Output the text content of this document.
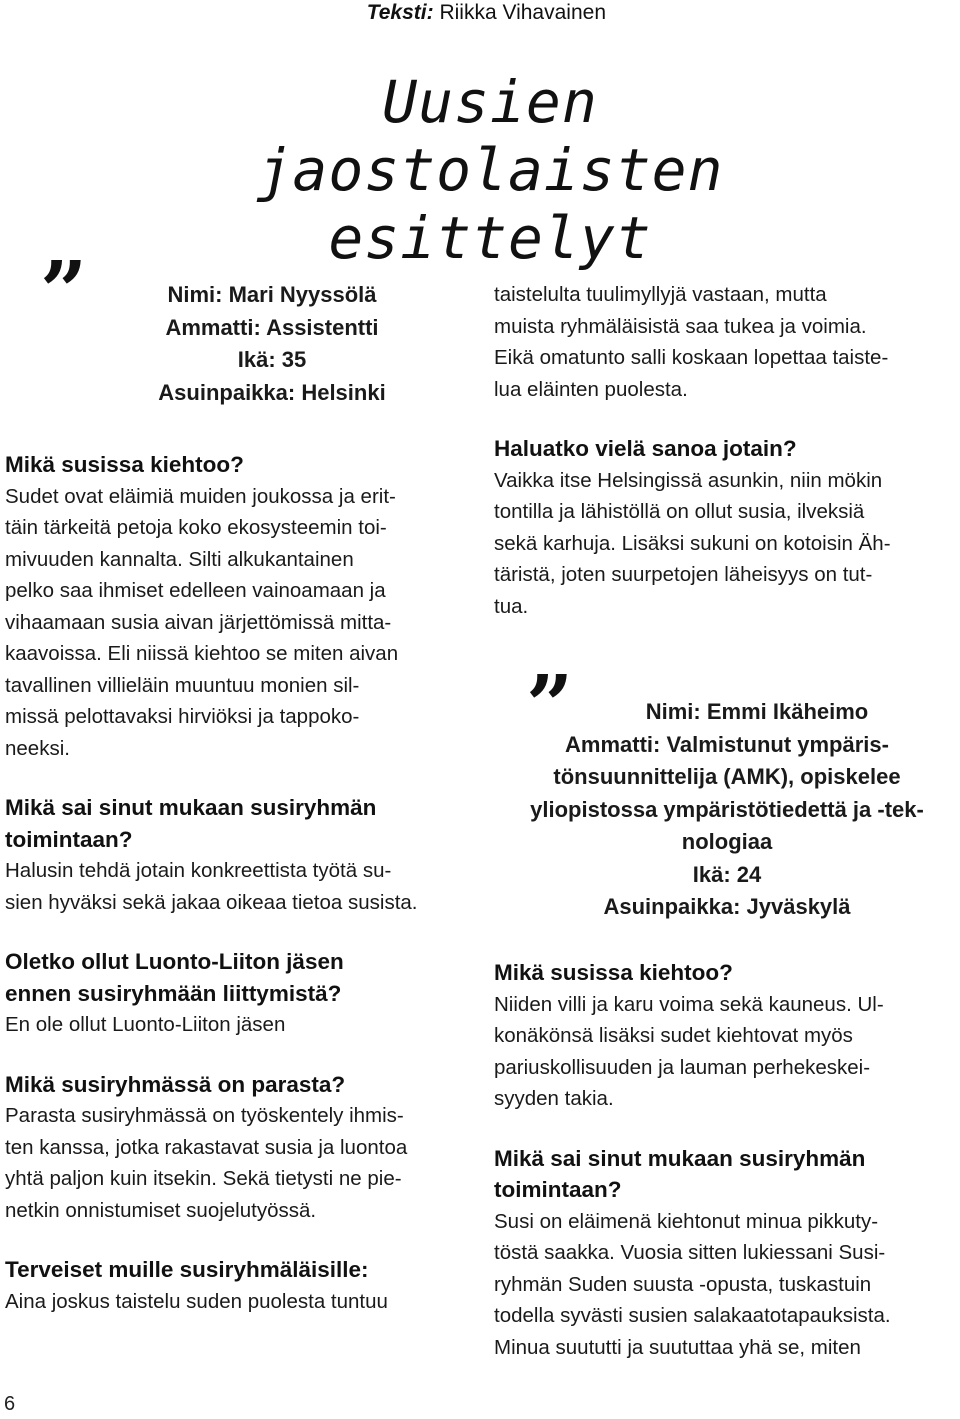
Teksti: Riikka Vihavainen
Uusien jaostolaisten
esittelyt
”	Nimi: Mari Nyyssölä
Ammatti: Assistentti
Ikä: 35
Asuinpaikka: Helsinki

Mikä susissa kiehtoo?

Sudet ovat eläimiä muiden joukossa ja erit-

täin tärkeitä petoja koko ekosysteemin toi-

mivuuden kannalta. Silti alkukantainen

pelko saa ihmiset edelleen vainoamaan ja

vihaamaan susia aivan järjettömissä mitta-

kaavoissa. Eli niissä kiehtoo se miten aivan

tavallinen villieläin muuntuu monien sil-

missä pelottavaksi hirviöksi ja tappoko-

neeksi.

Mikä sai sinut mukaan susiryhmän

toimintaan?

Halusin tehdä jotain konkreettista työtä su-

sien hyväksi sekä jakaa oikeaa tietoa susista.

Oletko ollut Luonto-Liiton jäsen

ennen susiryhmään liittymistä?

En ole ollut Luonto-Liiton jäsen

Mikä susiryhmässä on parasta?

Parasta susiryhmässä on työskentely ihmis-

ten kanssa, jotka rakastavat susia ja luontoa

yhtä paljon kuin itsekin. Sekä tietysti ne pie-

netkin onnistumiset suojelutyössä.

Terveiset muille susiryhmäläisille:

Aina joskus taistelu suden puolesta tuntuu

taistelulta tuulimyllyjä vastaan, mutta

muista ryhmäläisistä saa tukea ja voimia.

Eikä omatunto salli koskaan lopettaa taiste-

lua eläinten puolesta.

Haluatko vielä sanoa jotain?

Vaikka itse Helsingissä asunkin, niin mökin

tontilla ja lähistöllä on ollut susia, ilveksiä

sekä karhuja. Lisäksi sukuni on kotoisin Äh-

täristä, joten suurpetojen läheisyys on tut-

tua.

”	Nimi: Emmi Ikäheimo
Ammatti: Valmistunut ympäris-
tönsuunnittelija (AMK), opiskelee
yliopistossa ympäristötiedettä ja -tek-
nologiaa
Ikä: 24
Asuinpaikka: Jyväskylä

Mikä susissa kiehtoo?

Niiden villi ja karu voima sekä kauneus. Ul-

konäkönsä lisäksi sudet kiehtovat myös

pariuskollisuuden ja lauman perhekeskei-

syyden takia.

Mikä sai sinut mukaan susiryhmän

toimintaan?

Susi on eläimenä kiehtonut minua pikkuty-

töstä saakka. Vuosia sitten lukiessani Susi-

ryhmän Suden suusta -opusta, tuskastuin

todella syvästi susien salakaatotapauksista.

Minua suututti ja suututtaa yhä se, miten

6
